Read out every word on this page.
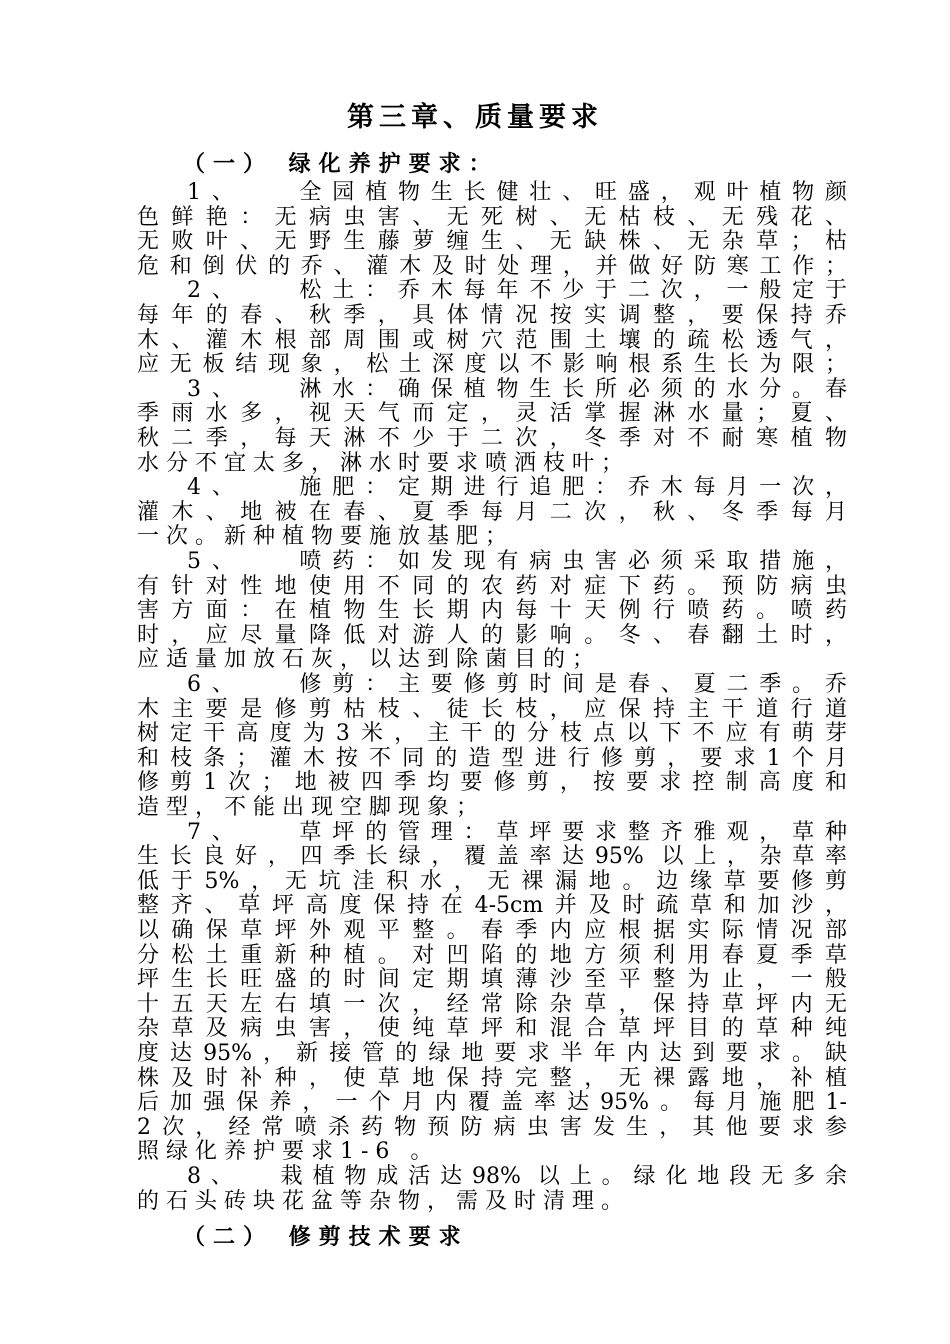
第三章、质量要求
（一） 绿化养护要求：
1、　　全园植物生长健壮、旺盛，观叶植物颜
色鲜艳：无病虫害、无死树、无枯枝、无残花、
无败叶、无野生藤萝缠生、无缺株、无杂草；枯
危和倒伏的乔、灌木及时处理，并做好防寒工作；
2、　　松土：乔木每年不少于二次，一般定于
每年的春、秋季，具体情况按实调整，要保持乔
木、灌木根部周围或树穴范围土壤的疏松透气，
应无板结现象，松土深度以不影响根系生长为限；
3、　　淋水：确保植物生长所必须的水分。春
季雨水多，视天气而定，灵活掌握淋水量；夏、
秋二季，每天淋不少于二次，冬季对不耐寒植物
水分不宜太多，淋水时要求喷洒枝叶；
4、　　施肥：定期进行追肥：乔木每月一次，
灌木、地被在春、夏季每月二次，秋、冬季每月
一次。新种植物要施放基肥；
5、　　喷药：如发现有病虫害必须采取措施，
有针对性地使用不同的农药对症下药。预防病虫
害方面：在植物生长期内每十天例行喷药。喷药
时，应尽量降低对游人的影响。冬、春翻土时，
应适量加放石灰，以达到除菌目的；
6、　　修剪：主要修剪时间是春、夏二季。乔
木主要是修剪枯枝、徒长枝，应保持主干道行道
树定干高度为3米，主干的分枝点以下不应有萌芽
和枝条；灌木按不同的造型进行修剪，要求1个月
修剪1次；地被四季均要修剪，按要求控制高度和
造型，不能出现空脚现象；
7、　　草坪的管理：草坪要求整齐雅观，草种
生长良好，四季长绿，覆盖率达95% 以上，杂草率
低于5%，无坑洼积水，无裸漏地。边缘草要修剪
整齐、草坪高度保持在4-5cm并及时疏草和加沙，
以确保草坪外观平整。春季内应根据实际情况部
分松土重新种植。对凹陷的地方须利用春夏季草
坪生长旺盛的时间定期填薄沙至平整为止，一般
十五天左右填一次，经常除杂草，保持草坪内无
杂草及病虫害，使纯草坪和混合草坪目的草种纯
度达95%，新接管的绿地要求半年内达到要求。缺
株及时补种，使草地保持完整，无裸露地，补植
后加强保养，一个月内覆盖率达95%。每月施肥1-
2次，经常喷杀药物预防病虫害发生，其他要求参
照绿化养护要求1-6 。
8、　 栽植物成活达98% 以上。绿化地段无多余
的石头砖块花盆等杂物，需及时清理。
（二） 修剪技术要求
